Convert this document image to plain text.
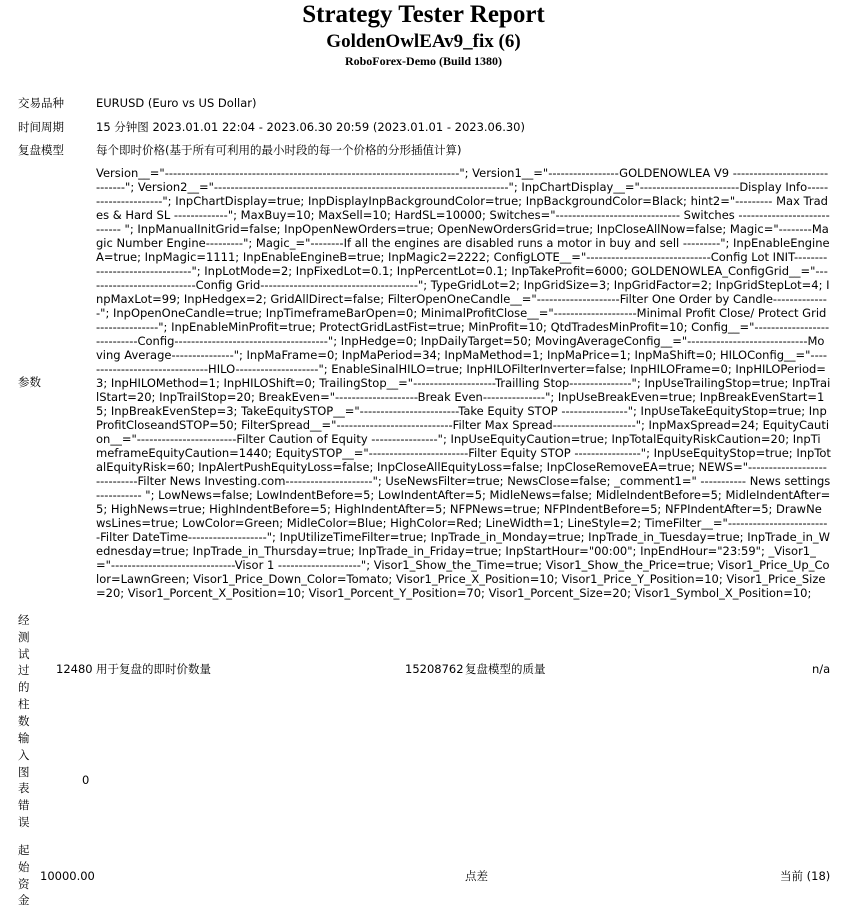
Strategy Tester Report
GoldenOwlEAv9_fix (6)
RoboForex-Demo (Build 1380)
交易品种	EURUSD (Euro vs US Dollar)
时间周期	15 分钟图 2023.01.01 22:04 - 2023.06.30 20:59 (2023.01.01 - 2023.06.30)
复盘模型	每个即时价格(基于所有可利用的最小时段的每一个价格的分形插值计算)
参数
Version__="-----------------------------------------------------------------------"; Version1__="-----------------GOLDENOWLEA V9 ------------------------------"; Version2__="-----------------------------------------------------------------------"; InpChartDisplay__="------------------------Display Info---------------------"; InpChartDisplay=true; InpDisplayInpBackgroundColor=true; InpBackgroundColor=Black; hint2="--------- Max Trades & Hard SL -------------"; MaxBuy=10; MaxSell=10; HardSL=10000; Switches="------------------------------ Switches ---------------------------- "; InpManualInitGrid=false; InpOpenNewOrders=true; OpenNewOrdersGrid=true; InpCloseAllNow=false; Magic="--------Magic Number Engine---------"; Magic_="--------If all the engines are disabled runs a motor in buy and sell ---------"; InpEnableEngineA=true; InpMagic=1111; InpEnableEngineB=true; InpMagic2=2222; ConfigLOTE__="------------------------------Config Lot INIT-------------------------------"; InpLotMode=2; InpFixedLot=0.1; InpPercentLot=0.1; InpTakeProfit=6000; GOLDENOWLEA_ConfigGrid__="---------------------------Config Grid--------------------------------------"; TypeGridLot=2; InpGridSize=3; InpGridFactor=2; InpGridStepLot=4; InpMaxLot=99; InpHedgex=2; GridAllDirect=false; FilterOpenOneCandle__="--------------------Filter One Order by Candle--------------"; InpOpenOneCandle=true; InpTimeframeBarOpen=0; MinimalProfitClose__="--------------------Minimal Profit Close/ Protect Grid ---------------"; InpEnableMinProfit=true; ProtectGridLastFist=true; MinProfit=10; QtdTradesMinProfit=10; Config__="----------------------------Config-------------------------------------"; InpHedge=0; InpDailyTarget=50; MovingAverageConfig__="-----------------------------Moving Average---------------"; InpMaFrame=0; InpMaPeriod=34; InpMaMethod=1; InpMaPrice=1; InpMaShift=0; HILOConfig__="-------------------------------HILO--------------------"; EnableSinalHILO=true; InpHILOFilterInverter=false; InpHILOFrame=0; InpHILOPeriod=3; InpHILOMethod=1; InpHILOShift=0; TrailingStop__="--------------------Trailling Stop---------------"; InpUseTrailingStop=true; InpTrailStart=20; InpTrailStop=20; BreakEven="--------------------Break Even---------------"; InpUseBreakEven=true; InpBreakEvenStart=15; InpBreakEvenStep=3; TakeEquitySTOP__="------------------------Take Equity STOP ----------------"; InpUseTakeEquityStop=true; InpProfitCloseandSTOP=50; FilterSpread__="----------------------------Filter Max Spread--------------------"; InpMaxSpread=24; EquityCaution__="------------------------Filter Caution of Equity ----------------"; InpUseEquityCaution=true; InpTotalEquityRiskCaution=20; InpTimeframeEquityCaution=1440; EquitySTOP__="------------------------Filter Equity STOP ----------------"; InpUseEquityStop=true; InpTotalEquityRisk=60; InpAlertPushEquityLoss=false; InpCloseAllEquityLoss=false; InpCloseRemoveEA=true; NEWS="-----------------------------Filter News Investing.com---------------------"; UseNewsFilter=true; NewsClose=false; _comment1=" ----------- News settings ----------- "; LowNews=false; LowIndentBefore=5; LowIndentAfter=5; MidleNews=false; MidleIndentBefore=5; MidleIndentAfter=5; HighNews=true; HighIndentBefore=5; HighIndentAfter=5; NFPNews=true; NFPIndentBefore=5; NFPIndentAfter=5; DrawNewsLines=true; LowColor=Green; MidleColor=Blue; HighColor=Red; LineWidth=1; LineStyle=2; TimeFilter__="-------------------------Filter DateTime-------------------"; InpUtilizeTimeFilter=true; InpTrade_in_Monday=true; InpTrade_in_Tuesday=true; InpTrade_in_Wednesday=true; InpTrade_in_Thursday=true; InpTrade_in_Friday=true; InpStartHour="00:00"; InpEndHour="23:59"; _Visor1_="------------------------------Visor 1 --------------------"; Visor1_Show_the_Time=true; Visor1_Show_the_Price=true; Visor1_Price_Up_Color=LawnGreen; Visor1_Price_Down_Color=Tomato; Visor1_Price_X_Position=10; Visor1_Price_Y_Position=10; Visor1_Price_Size=20; Visor1_Porcent_X_Position=10; Visor1_Porcent_Y_Position=70; Visor1_Porcent_Size=20; Visor1_Symbol_X_Position=10;
经测试过的柱数
12480 用于复盘的即时价数量	15208762 复盘模型的质量	n/a
输入图表错误
0
起始资金
10000.00	点差	当前 (18)
